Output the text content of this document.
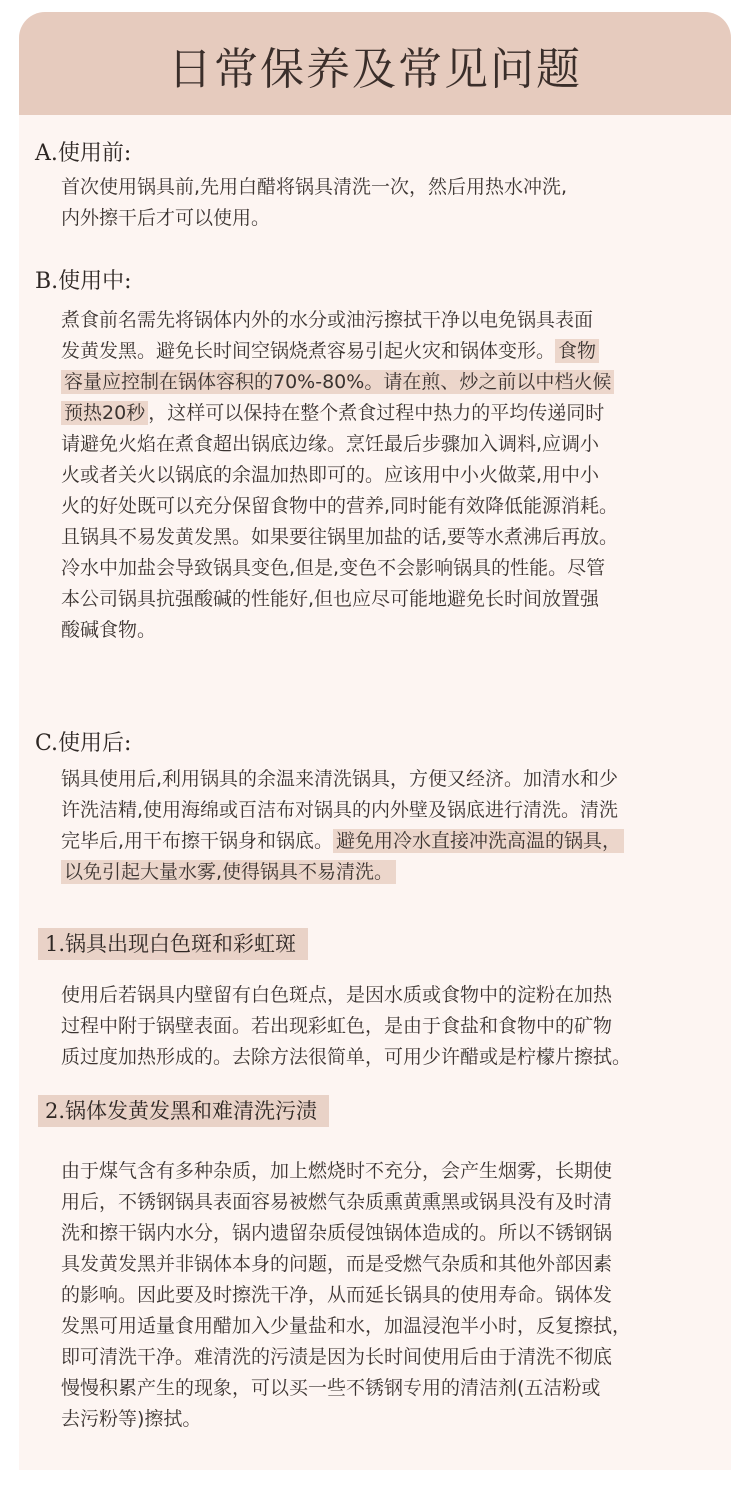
日常保养及常见问题
A.使用前:
首次使用锅具前,先用白醋将锅具清洗一次，然后用热水冲洗,
内外擦干后才可以使用。
B.使用中:
煮食前名需先将锅体内外的水分或油污擦拭干净以电免锅具表面
发黄发黑。避免长时间空锅烧煮容易引起火灾和锅体变形。 食物
容量应控制在锅体容积的70%-80%。请在煎、炒之前以中档火候
预热20秒 ，这样可以保持在整个煮食过程中热力的平均传递同时
请避免火焰在煮食超出锅底边缘。烹饪最后步骤加入调料,应调小
火或者关火以锅底的余温加热即可的。应该用中小火做菜,用中小
火的好处既可以充分保留食物中的营养,同时能有效降低能源消耗。
且锅具不易发黄发黑。如果要往锅里加盐的话,要等水煮沸后再放。
冷水中加盐会导致锅具变色,但是,变色不会影响锅具的性能。尽管
本公司锅具抗强酸碱的性能好,但也应尽可能地避免长时间放置强
酸碱食物。
C.使用后:
锅具使用后,利用锅具的余温来清洗锅具，方便又经济。加清水和少
许洗洁精,使用海绵或百洁布对锅具的内外壁及锅底进行清洗。清洗
完毕后,用干布擦干锅身和锅底。 避免用冷水直接冲洗高温的锅具，
以免引起大量水雾,使得锅具不易清洗。
1.锅具出现白色斑和彩虹斑
使用后若锅具内壁留有白色斑点，是因水质或食物中的淀粉在加热
过程中附于锅壁表面。若出现彩虹色，是由于食盐和食物中的矿物
质过度加热形成的。去除方法很简单，可用少许醋或是柠檬片擦拭。
2.锅体发黄发黑和难清洗污渍
由于煤气含有多种杂质，加上燃烧时不充分，会产生烟雾，长期使
用后，不锈钢锅具表面容易被燃气杂质熏黄熏黑或锅具没有及时清
洗和擦干锅内水分，锅内遗留杂质侵蚀锅体造成的。所以不锈钢锅
具发黄发黑并非锅体本身的问题，而是受燃气杂质和其他外部因素
的影响。因此要及时擦洗干净，从而延长锅具的使用寿命。锅体发
发黑可用适量食用醋加入少量盐和水，加温浸泡半小时，反复擦拭，
即可清洗干净。难清洗的污渍是因为长时间使用后由于清洗不彻底
慢慢积累产生的现象，可以买一些不锈钢专用的清洁剂(五洁粉或
去污粉等)擦拭。
